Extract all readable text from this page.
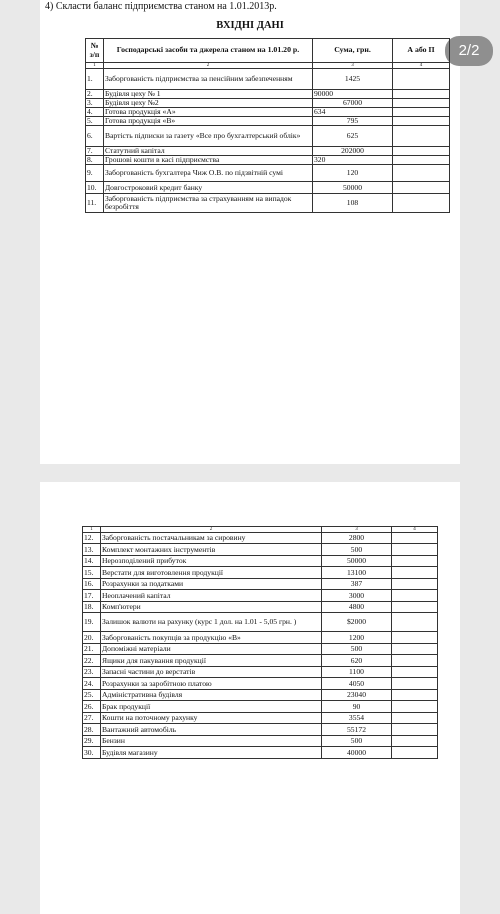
4) Скласти баланс підприємства станом на 1.01.2013р.
ВХІДНІ ДАНІ
2/2
№ з/п	Господарські засоби та джерела станом на 1.01.20 р.	Сума, грн.	А або П
1	2	3	4
1.	Заборгованість підприємства за пенсійним забезпеченням	1425	
2.	Будівля цеху № 1	90000	
3.	Будівля цеху №2	67000	
4.	Готова продукція «А»	634	
5.	Готова продукція «В»	795	
6.	Вартість підписки за газету «Все про бухгалтерський облік»	625	
7.	Статутний капітал	202000	
8.	Грошові кошти в касі підприємства	320	
9.	Заборгованість бухгалтера Чиж О.В. по підзвітній сумі	120	
10.	Довгостроковий кредит банку	50000	
11.	Заборгованість підприємства за страхуванням на випадок безробіття	108	
1	2	3	4
12.	Заборгованість постачальникам за сировину	2800	
13.	Комплект монтажних інструментів	500	
14.	Нерозподілений прибуток	50000	
15.	Верстати для виготовлення продукції	13100	
16.	Розрахунки за податками	387	
17.	Неоплачений капітал	3000	
18.	Комп'ютери	4800	
19.	Залишок валюти на рахунку (курс 1 дол. на 1.01 - 5,05 грн. )	$2000	
20.	Заборгованість покупців за продукцію «В»	1200	
21.	Допоміжні матеріали	500	
22.	Ящики для пакування продукції	620	
23.	Запасні частини до верстатів	1100	
24.	Розрахунки за заробітною платою	4050	
25.	Адміністративна будівля	23040	
26.	Брак продукції	90	
27.	Кошти на поточному рахунку	3554	
28.	Вантажний автомобіль	55172	
29.	Бензин	500	
30.	Будівля магазину	40000	
